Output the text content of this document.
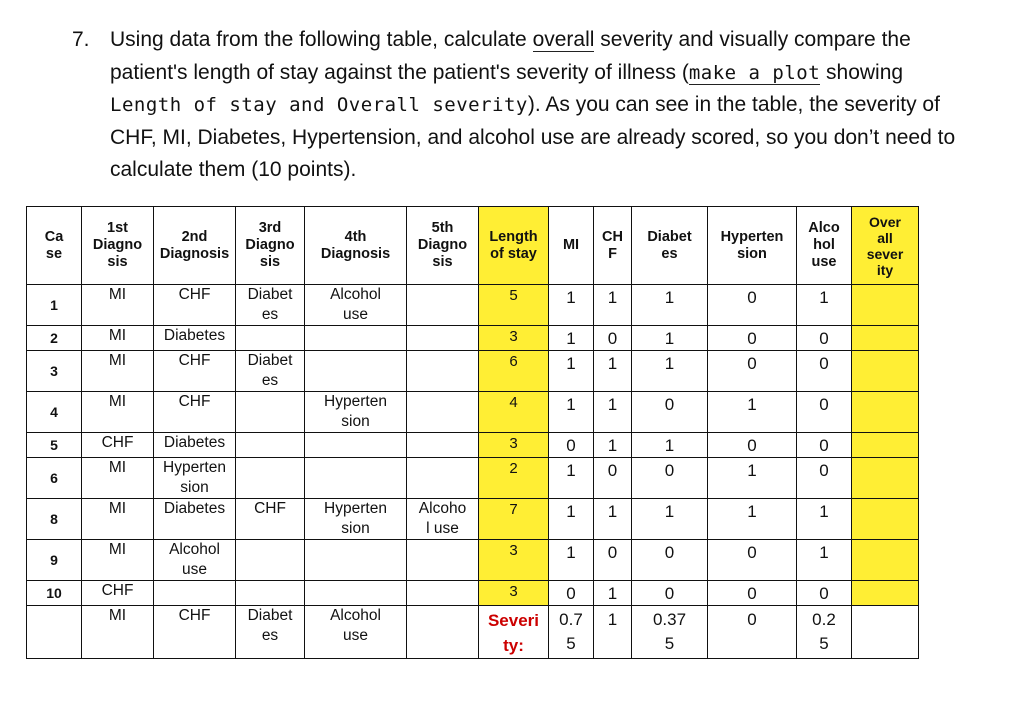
7. Using data from the following table, calculate overall severity and visually compare the patient's length of stay against the patient's severity of illness (make a plot showing Length of stay and Overall severity). As you can see in the table, the severity of CHF, MI, Diabetes, Hypertension, and alcohol use are already scored, so you don’t need to calculate them (10 points).
Ca
se	1st
Diagno
sis	2nd
Diagnosis	3rd
Diagno
sis	4th
Diagnosis	5th
Diagno
sis	Length
of stay	MI	CH
F	Diabet
es	Hyperten
sion	Alco
hol
use	Over
all
sever
ity
1	MI	CHF	Diabet
es	Alcohol
use		5	1	1	1	0	1	
2	MI	Diabetes				3	1	0	1	0	0	
3	MI	CHF	Diabet
es			6	1	1	1	0	0	
4	MI	CHF		Hyperten
sion		4	1	1	0	1	0	
5	CHF	Diabetes				3	0	1	1	0	0	
6	MI	Hyperten
sion				2	1	0	0	1	0	
8	MI	Diabetes	CHF	Hyperten
sion	Alcoho
l use	7	1	1	1	1	1	
9	MI	Alcohol
use				3	1	0	0	0	1	
10	CHF					3	0	1	0	0	0	
	MI	CHF	Diabet
es	Alcohol
use		Severi
ty:	0.7
5	1	0.37
5	0	0.2
5	
